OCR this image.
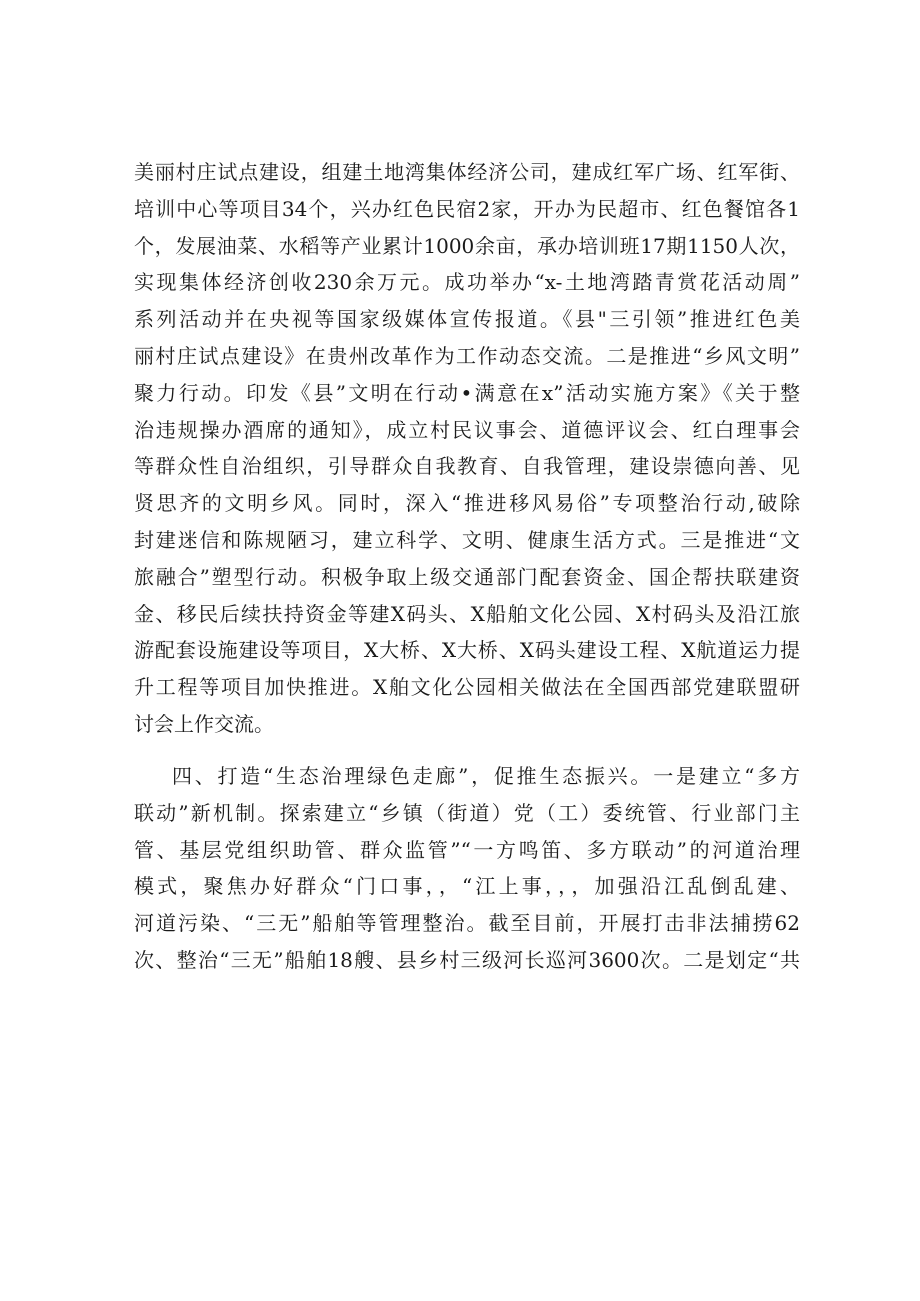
美丽村庄试点建设，组建土地湾集体经济公司，建成红军广场、红军街、
培训中心等项目34个，兴办红色民宿2家，开办为民超市、红色餐馆各1
个，发展油菜、水稻等产业累计1000余亩，承办培训班17期1150人次，
实现集体经济创收230余万元。成功举办“x-土地湾踏青赏花活动周”
系列活动并在央视等国家级媒体宣传报道。《县"三引领”推进红色美
丽村庄试点建设》在贵州改革作为工作动态交流。二是推进“乡风文明”
聚力行动。印发《县”文明在行动•满意在x”活动实施方案》《关于整
治违规操办酒席的通知》，成立村民议事会、道德评议会、红白理事会
等群众性自治组织，引导群众自我教育、自我管理，建设崇德向善、见
贤思齐的文明乡风。同时，深入“推进移风易俗”专项整治行动,破除
封建迷信和陈规陋习，建立科学、文明、健康生活方式。三是推进“文
旅融合”塑型行动。积极争取上级交通部门配套资金、国企帮扶联建资
金、移民后续扶持资金等建X码头、X船舶文化公园、X村码头及沿江旅
游配套设施建设等项目，X大桥、X大桥、X码头建设工程、X航道运力提
升工程等项目加快推进。X舶文化公园相关做法在全国西部党建联盟研
讨会上作交流。
四、打造“生态治理绿色走廊”，促推生态振兴。一是建立“多方
联动”新机制。探索建立“乡镇（街道）党（工）委统管、行业部门主
管、基层党组织助管、群众监管”“一方鸣笛、多方联动”的河道治理
模式，聚焦办好群众“门口事，，“江上事，，，加强沿江乱倒乱建、
河道污染、“三无”船舶等管理整治。截至目前，开展打击非法捕捞62
次、整治“三无”船舶18艘、县乡村三级河长巡河3600次。二是划定“共
